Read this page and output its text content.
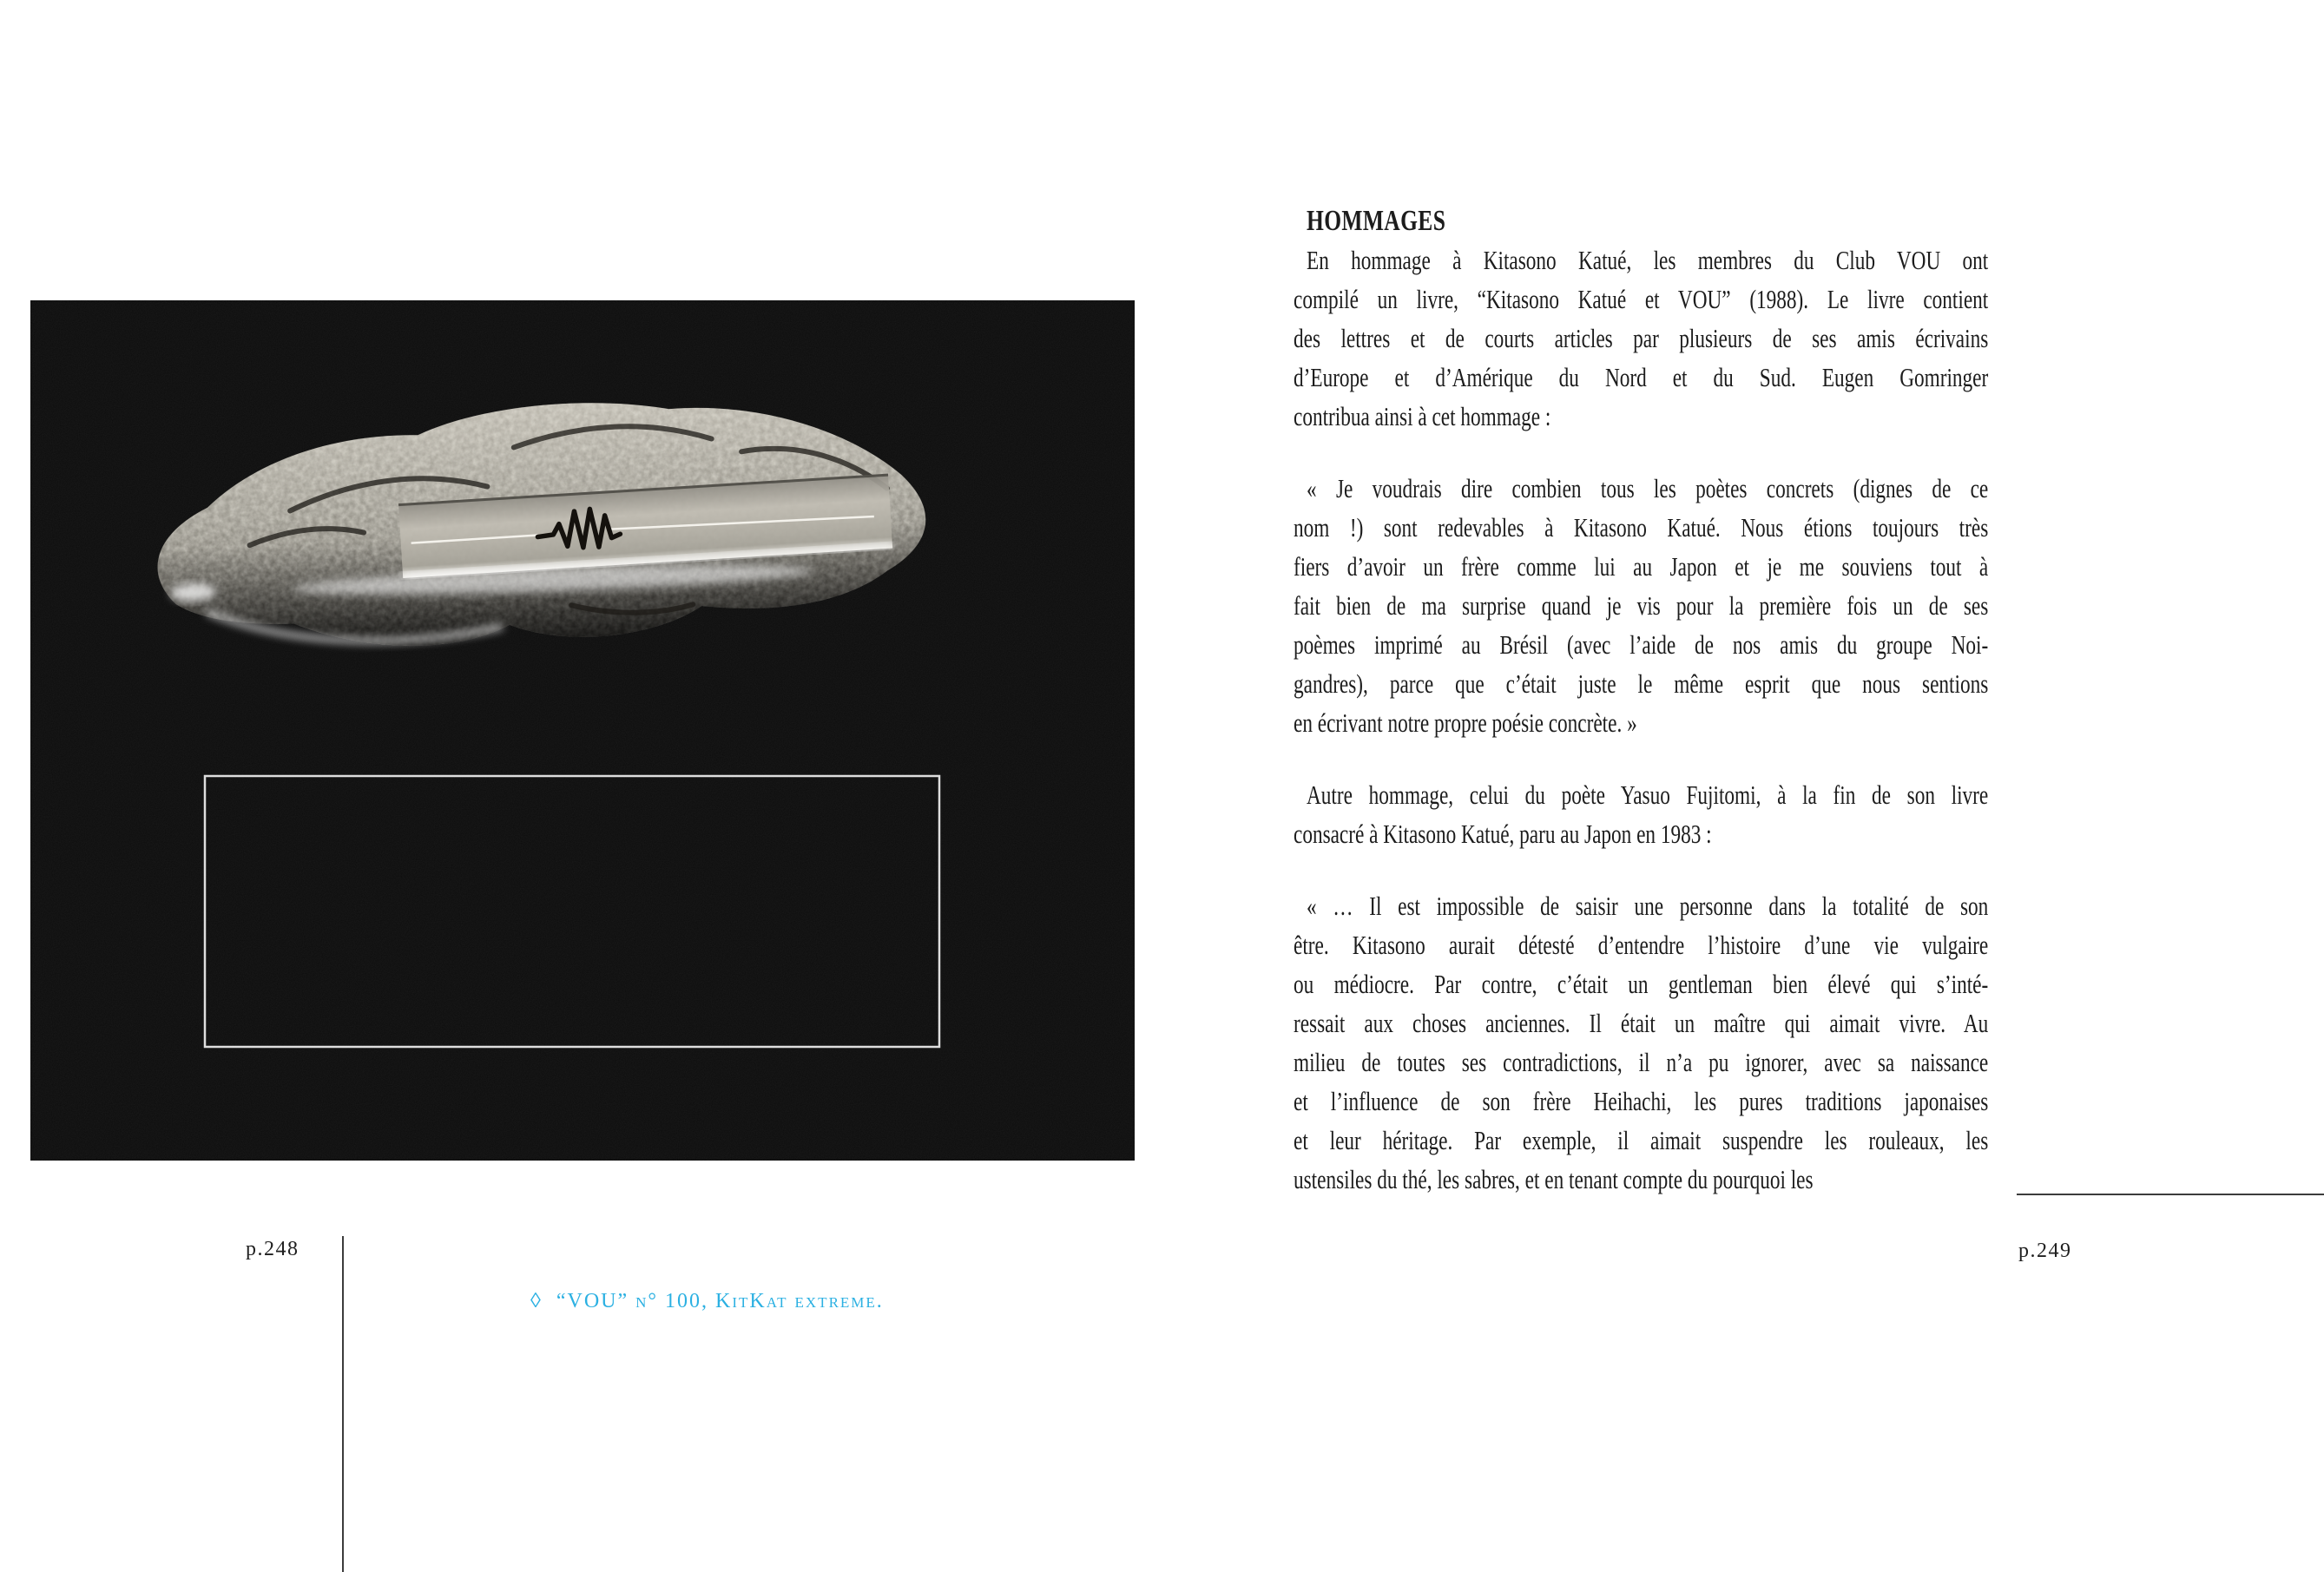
p.248
◊ “VOU” n° 100, KitKat extreme.
HOMMAGES
En hommage à Kitasono Katué, les membres du Club VOU ont
compilé un livre, “Kitasono Katué et VOU” (1988). Le livre contient
des lettres et de courts articles par plusieurs de ses amis écrivains
d’Europe et d’Amérique du Nord et du Sud. Eugen Gomringer
contribua ainsi à cet hommage :
« Je voudrais dire combien tous les poètes concrets (dignes de ce
nom !) sont redevables à Kitasono Katué. Nous étions toujours très
fiers d’avoir un frère comme lui au Japon et je me souviens tout à
fait bien de ma surprise quand je vis pour la première fois un de ses
poèmes imprimé au Brésil (avec l’aide de nos amis du groupe Noi-
gandres), parce que c’était juste le même esprit que nous sentions
en écrivant notre propre poésie concrète. »
Autre hommage, celui du poète Yasuo Fujitomi, à la fin de son livre
consacré à Kitasono Katué, paru au Japon en 1983 :
« … Il est impossible de saisir une personne dans la totalité de son
être. Kitasono aurait détesté d’entendre l’histoire d’une vie vulgaire
ou médiocre. Par contre, c’était un gentleman bien élevé qui s’inté-
ressait aux choses anciennes. Il était un maître qui aimait vivre. Au
milieu de toutes ses contradictions, il n’a pu ignorer, avec sa naissance
et l’influence de son frère Heihachi, les pures traditions japonaises
et leur héritage. Par exemple, il aimait suspendre les rouleaux, les
ustensiles du thé, les sabres, et en tenant compte du pourquoi les
p.249
